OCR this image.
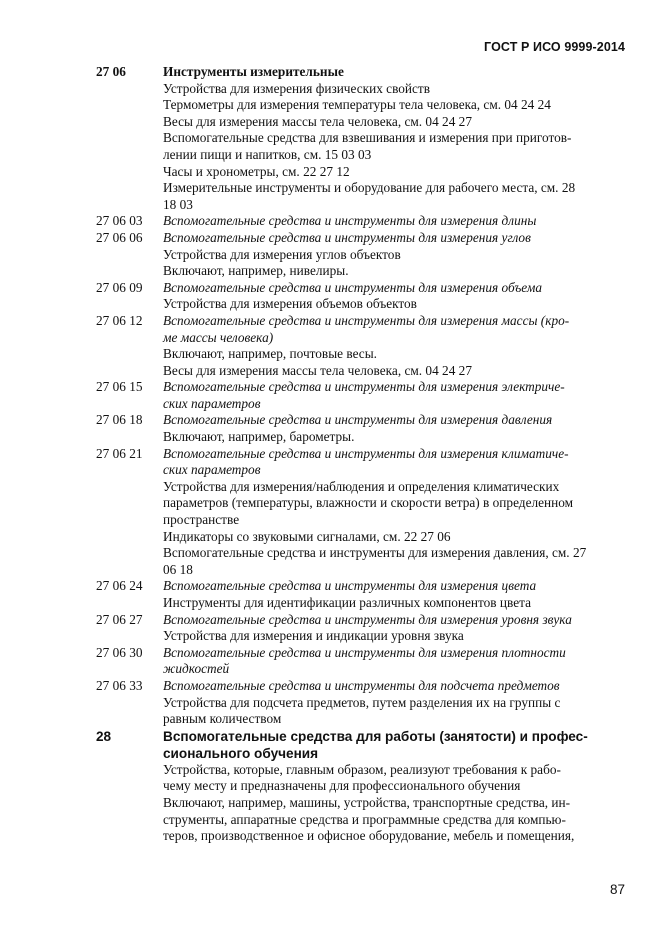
ГОСТ Р ИСО 9999-2014
27 06	Инструменты измерительные
Устройства для измерения физических свойств
Термометры для измерения температуры тела человека, см. 04 24 24
Весы для измерения массы тела человека, см. 04 24 27
Вспомогательные средства для взвешивания и измерения при приготов-
лении пищи и напитков, см. 15 03 03
Часы и хронометры, см. 22 27 12
Измерительные инструменты и оборудование для рабочего места, см. 28
18 03
27 06 03	Вспомогательные средства и инструменты для измерения длины
27 06 06	Вспомогательные средства и инструменты для измерения углов
Устройства для измерения углов объектов
Включают, например, нивелиры.
27 06 09	Вспомогательные средства и инструменты для измерения объема
Устройства для измерения объемов объектов
27 06 12	Вспомогательные средства и инструменты для измерения массы (кро-
ме массы человека)
Включают, например, почтовые весы.
Весы для измерения массы тела человека, см. 04 24 27
27 06 15	Вспомогательные средства и инструменты для измерения электриче-
ских параметров
27 06 18	Вспомогательные средства и инструменты для измерения давления
Включают, например, барометры.
27 06 21	Вспомогательные средства и инструменты для измерения климатиче-
ских параметров
Устройства для измерения/наблюдения и определения климатических
параметров (температуры, влажности и скорости ветра) в определенном
пространстве
Индикаторы со звуковыми сигналами, см. 22 27 06
Вспомогательные средства и инструменты для измерения давления, см. 27
06 18
27 06 24	Вспомогательные средства и инструменты для измерения цвета
Инструменты для идентификации различных компонентов цвета
27 06 27	Вспомогательные средства и инструменты для измерения уровня звука
Устройства для измерения и индикации уровня звука
27 06 30	Вспомогательные средства и инструменты для измерения плотности
жидкостей
27 06 33	Вспомогательные средства и инструменты для подсчета предметов
Устройства для подсчета предметов, путем разделения их на группы с
равным количеством
28	Вспомогательные средства для работы (занятости) и профес-
сионального обучения
Устройства, которые, главным образом, реализуют требования к рабо-
чему месту и предназначены для профессионального обучения
Включают, например, машины, устройства, транспортные средства, ин-
струменты, аппаратные средства и программные средства для компью-
теров, производственное и офисное оборудование, мебель и помещения,
87
